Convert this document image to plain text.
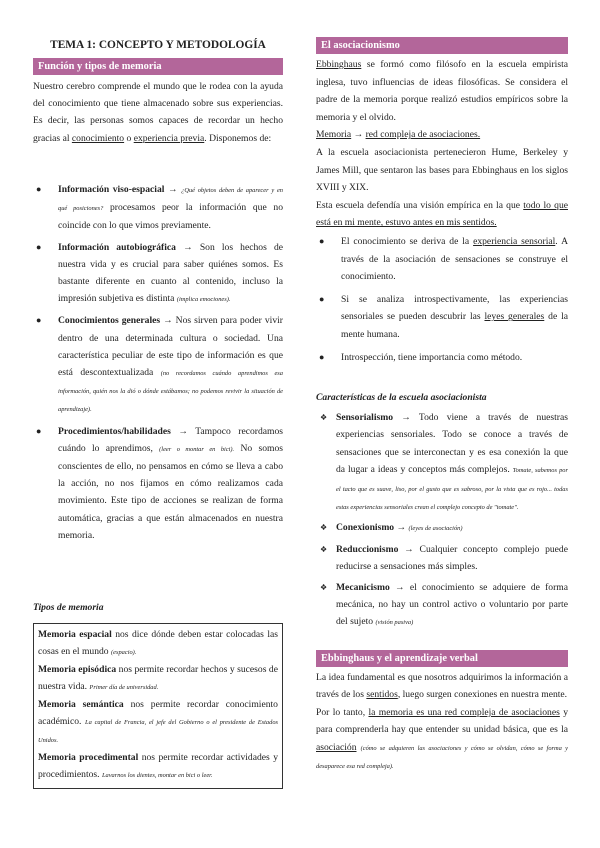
TEMA 1: CONCEPTO Y METODOLOGÍA
Función y tipos de memoria

Nuestro cerebro comprende el mundo que le rodea con la ayuda del conocimiento que tiene almacenado sobre sus experiencias. Es decir, las personas somos capaces de recordar un hecho gracias al conocimiento o experiencia previa. Disponemos de:

● Información viso-espacial → ¿Qué objetos deben de aparecer y en qué posiciones? procesamos peor la información que no coincide con lo que vimos previamente.
● Información autobiográfica → Son los hechos de nuestra vida y es crucial para saber quiénes somos. Es bastante diferente en cuanto al contenido, incluso la impresión subjetiva es distinta (implica emociones).
● Conocimientos generales → Nos sirven para poder vivir dentro de una determinada cultura o sociedad. Una característica peculiar de este tipo de información es que está descontextualizada (no recordamos cuándo aprendimos esa información, quién nos la dió o dónde estábamos; no podemos revivir la situación de aprendizaje).
● Procedimientos/habilidades → Tampoco recordamos cuándo lo aprendimos, (leer o montar en bici). No somos conscientes de ello, no pensamos en cómo se lleva a cabo la acción, no nos fijamos en cómo realizamos cada movimiento. Este tipo de acciones se realizan de forma automática, gracias a que están almacenados en nuestra memoria.
Tipos de memoria
Memoria espacial nos dice dónde deben estar colocadas las cosas en el mundo (espacio).
Memoria episódica nos permite recordar hechos y sucesos de nuestra vida. Primer día de universidad.
Memoria semántica nos permite recordar conocimiento académico. La capital de Francia, el jefe del Gobierno o el presidente de Estados Unidos.
Memoria procedimental nos permite recordar actividades y procedimientos. Lavarnos los dientes, montar en bici o leer.
El asociacionismo
Ebbinghaus se formó como filósofo en la escuela empirista inglesa, tuvo influencias de ideas filosóficas. Se considera el padre de la memoria porque realizó estudios empíricos sobre la memoria y el olvido.
Memoria → red compleja de asociaciones.
A la escuela asociacionista pertenecieron Hume, Berkeley y James Mill, que sentaron las bases para Ebbinghaus en los siglos XVIII y XIX.
Esta escuela defendía una visión empírica en la que todo lo que está en mi mente, estuvo antes en mis sentidos.
● El conocimiento se deriva de la experiencia sensorial. A través de la asociación de sensaciones se construye el conocimiento.
● Si se analiza introspectivamente, las experiencias sensoriales se pueden descubrir las leyes generales de la mente humana.
● Introspección, tiene importancia como método.
Características de la escuela asociacionista
❖ Sensorialismo → Todo viene a través de nuestras experiencias sensoriales. Todo se conoce a través de sensaciones que se interconectan y es esa conexión la que da lugar a ideas y conceptos más complejos. Tomate, sabemos por el tacto que es suave, liso, por el gusto que es sabroso, por la vista que es rojo... todas estas experiencias sensoriales crean el complejo concepto de "tomate".
❖ Conexionismo → (leyes de asociación)
❖ Reduccionismo → Cualquier concepto complejo puede reducirse a sensaciones más simples.
❖ Mecanicismo → el conocimiento se adquiere de forma mecánica, no hay un control activo o voluntario por parte del sujeto (visión pasiva)
Ebbinghaus y el aprendizaje verbal
La idea fundamental es que nosotros adquirimos la información a través de los sentidos, luego surgen conexiones en nuestra mente.
Por lo tanto, la memoria es una red compleja de asociaciones y para comprenderla hay que entender su unidad básica, que es la asociación (cómo se adquieren las asociaciones y cómo se olvidan, cómo se forma y desaparece esa red compleja).
